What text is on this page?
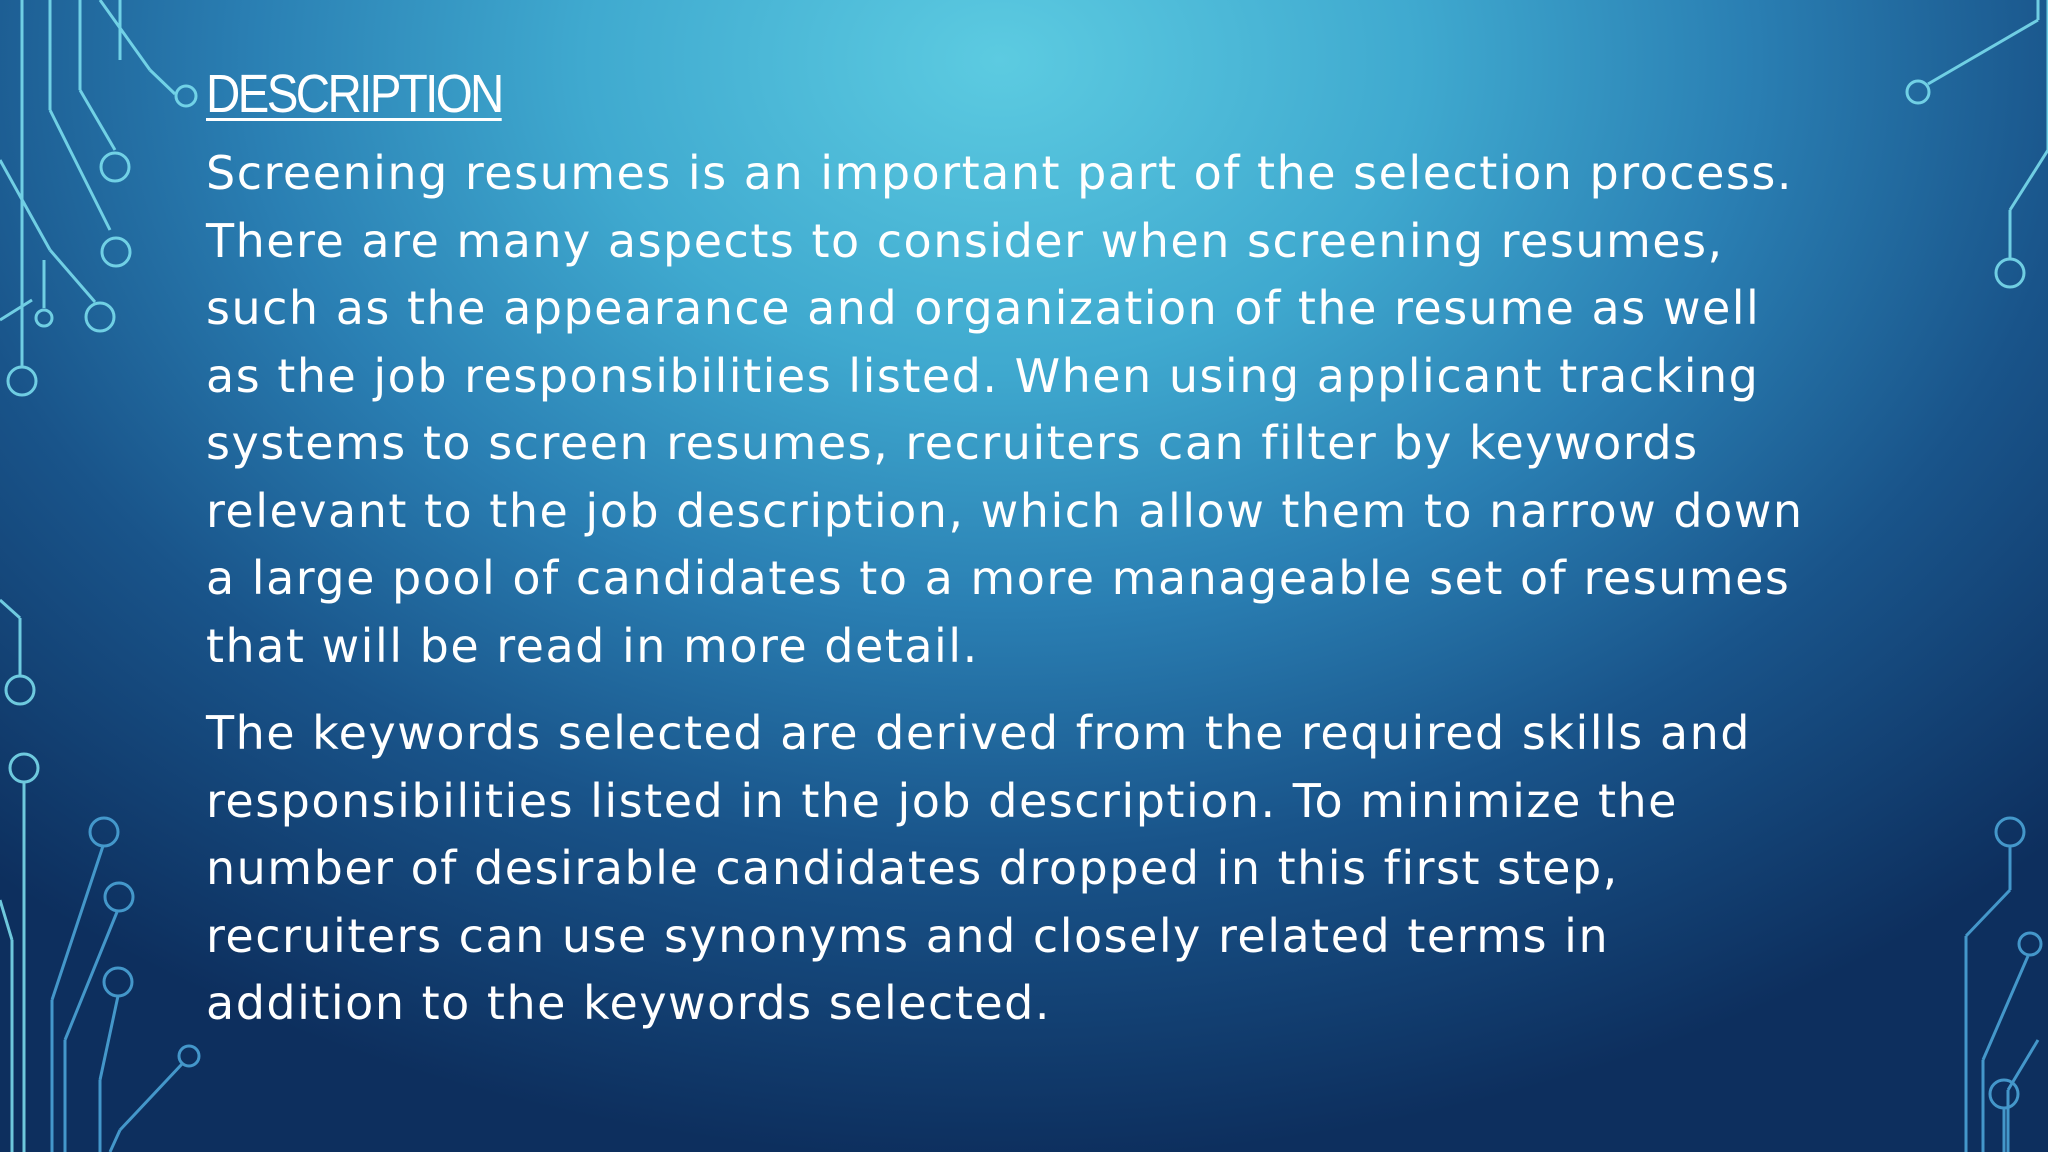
DESCRIPTION

Screening resumes is an important part of the selection process.
There are many aspects to consider when screening resumes,
such as the appearance and organization of the resume as well
as the job responsibilities listed. When using applicant tracking
systems to screen resumes, recruiters can filter by keywords
relevant to the job description, which allow them to narrow down
a large pool of candidates to a more manageable set of resumes
that will be read in more detail.

The keywords selected are derived from the required skills and
responsibilities listed in the job description. To minimize the
number of desirable candidates dropped in this first step,
recruiters can use synonyms and closely related terms in
addition to the keywords selected.
